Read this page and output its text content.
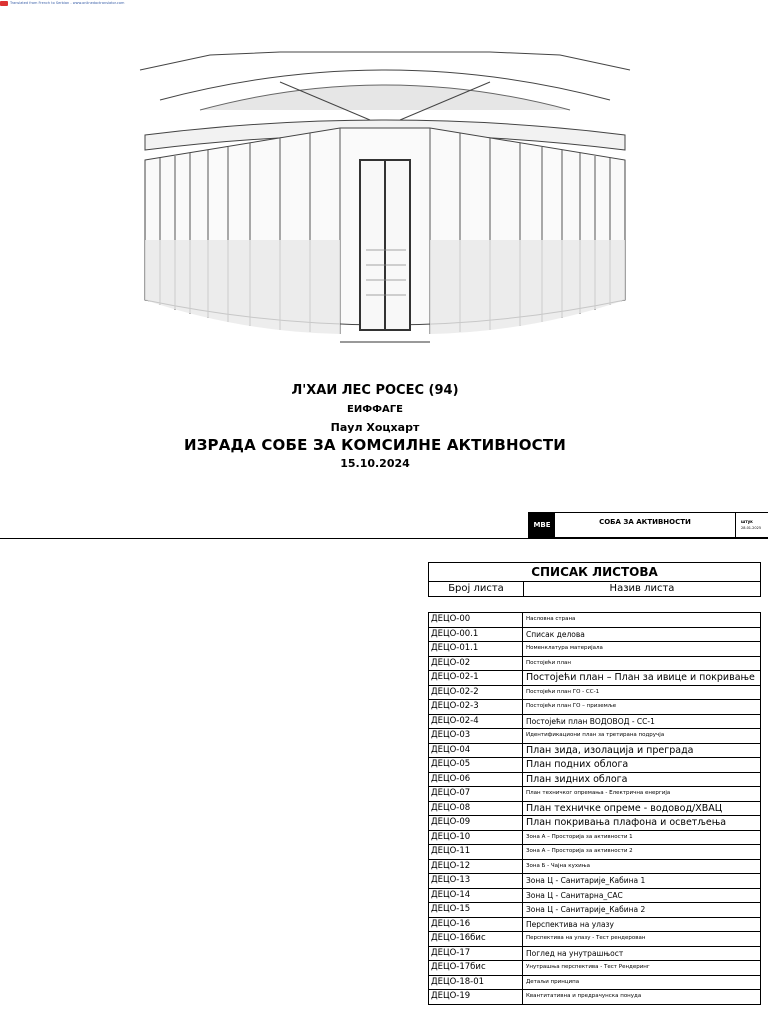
Translated from French to Serbian - www.onlinedoctranslator.com
Л'ХАИ ЛЕС РОСЕС (94)
ЕИФФАГЕ
Паул Хоцхарт
ИЗРАДА СОБЕ ЗА КОМСИЛНЕ АКТИВНОСТИ
15.10.2024
MBE	СОБА ЗА АКТИВНОСТИ	штук
28.01.2025
СПИСАК ЛИСТОВА
Број листа	Назив листа
ДЕЦО-00	Насловна страна
ДЕЦО-00.1	Списак делова
ДЕЦО-01.1	Номенклатура материјала
ДЕЦО-02	Постојећи план
ДЕЦО-02-1	Постојећи план – План за ивице и покривање
ДЕЦО-02-2	Постојећи план ГО - СС-1
ДЕЦО-02-3	Постојећи план ГО – приземље
ДЕЦО-02-4	Постојећи план ВОДОВОД - СС-1
ДЕЦО-03	Идентификациони план за третирана подручја
ДЕЦО-04	План зида, изолација и преграда
ДЕЦО-05	План подних облога
ДЕЦО-06	План зидних облога
ДЕЦО-07	План техничког опремања - Електрична енергија
ДЕЦО-08	План техничке опреме - водовод/ХВАЦ
ДЕЦО-09	План покривања плафона и осветљења
ДЕЦО-10	Зона А – Просторија за активности 1
ДЕЦО-11	Зона А – Просторија за активности 2
ДЕЦО-12	Зона Б - Чајна кухиња
ДЕЦО-13	Зона Ц - Санитарије_Кабина 1
ДЕЦО-14	Зона Ц - Санитарна_САС
ДЕЦО-15	Зона Ц - Санитарије_Кабина 2
ДЕЦО-16	Перспектива на улазу
ДЕЦО-16бис	Перспектива на улазу - Тест рендерован
ДЕЦО-17	Поглед на унутрашњост
ДЕЦО-17бис	Унутрашња перспектива - Тест Рендеринг
ДЕЦО-18-01	Детаљи принципа
ДЕЦО-19	Квантитативна и предрачунска понуда
